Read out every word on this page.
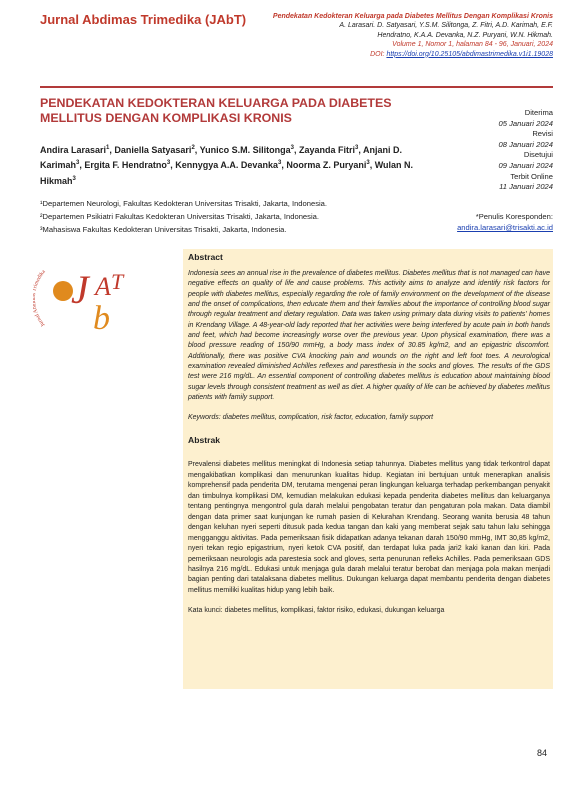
Jurnal Abdimas Trimedika (JAbT)	Pendekatan Kedokteran Keluarga pada Diabetes Mellitus Dengan Komplikasi Kronis
A. Larasari. D. Satyasari, Y.S.M. Silitonga, Z. Fitri, A.D. Karimah, E.F.
Hendratno, K.A.A. Devanka, N.Z. Puryani, W.N. Hikmah.
Volume 1, Nomor 1, halaman 84 - 96, Januari, 2024
DOI: https://doi.org/10.25105/abdimastrimedika.v1i1.19028
PENDEKATAN KEDOKTERAN KELUARGA PADA DIABETES MELLITUS DENGAN KOMPLIKASI KRONIS
Andira Larasari$^1$, Daniella Satyasari$^2$, Yunico S.M. Silitonga$^3$, Zayanda Fitri$^3$, Anjani D. Karimah$^3$, Ergita F. Hendratno$^3$, Kennygya A.A. Devanka$^3$, Noorma Z. Puryani$^3$, Wulan N. Hikmah$^3$
Diterima
05 Januari 2024
Revisi
08 Januari 2024
Disetujui
09 Januari 2024
Terbit Online
11 Januari 2024
¹Departemen Neurologi, Fakultas Kedokteran Universitas Trisakti, Jakarta, Indonesia.
²Departemen Psikiatri Fakultas Kedokteran Universitas Trisakti, Jakarta, Indonesia.
³Mahasiswa Fakultas Kedokteran Universitas Trisakti, Jakarta, Indonesia.
*Penulis Koresponden:
andira.larasari@trisakti.ac.id
J A T
b
Jurnal A imedika
Abstract
Indonesia sees an annual rise in the prevalence of diabetes mellitus. Diabetes mellitus that is not managed can have negative effects on quality of life and cause problems. This activity aims to analyze and identify risk factors for people with diabetes mellitus, especially regarding the role of family environment on the development of the disease and the onset of complications, then educate them and their families about the importance of controlling blood sugar through regular treatment and dietary regulation. Data was taken using primary data during visits to patients' homes in Krendang Village. A 48-year-old lady reported that her activities were being interfered by acute pain in both hands and feet, which had become increasingly worse over the previous year. Upon physical examination, there was a blood pressure reading of 150/90 mmHg, a body mass index of 30.85 kg/m2, and an epigastric discomfort. Additionally, there was positive CVA knocking pain and wounds on the right and left foot toes. A neurological examination revealed diminished Achilles reflexes and paresthesia in the socks and gloves. The results of the GDS test were 216 mg/dL. An essential component of controlling diabetes mellitus is education about maintaining blood sugar levels through consistent treatment as well as diet. A higher quality of life can be achieved by diabetes mellitus patients with family support.
Keywords: diabetes mellitus, complication, risk factor, education, family support
Abstrak
Prevalensi diabetes mellitus meningkat di Indonesia setiap tahunnya. Diabetes mellitus yang tidak terkontrol dapat mengakibatkan komplikasi dan menurunkan kualitas hidup. Kegiatan ini bertujuan untuk menerapkan analisis komprehensif pada penderita DM, terutama mengenai peran lingkungan keluarga terhadap perkembangan penyakit dan timbulnya komplikasi DM, kemudian melakukan edukasi kepada penderita diabetes mellitus dan keluarganya tentang pentingnya mengontrol gula darah melalui pengobatan teratur dan pengaturan pola makan. Data diambil dengan data primer saat kunjungan ke rumah pasien di Kelurahan Krendang. Seorang wanita berusia 48 tahun dengan keluhan nyeri seperti ditusuk pada kedua tangan dan kaki yang memberat sejak satu tahun lalu sehingga mengganggu aktivitas. Pada pemeriksaan fisik didapatkan adanya tekanan darah 150/90 mmHg, IMT 30,85 kg/m2, nyeri tekan regio epigastrium, nyeri ketok CVA positif, dan terdapat luka pada jari2 kaki kanan dan kiri. Pada pemeriksaan neurologis ada parestesia sock and gloves, serta penurunan refleks Achilles. Pada pemeriksaan GDS hasilnya 216 mg/dL. Edukasi untuk menjaga gula darah melalui teratur berobat dan menjaga pola makan menjadi bagian penting dari tatalaksana diabetes mellitus. Dukungan keluarga dapat membantu penderita dengan diabetes mellitus memiliki kualitas hidup yang lebih baik.
Kata kunci: diabetes mellitus, komplikasi, faktor risiko, edukasi, dukungan keluarga
84
